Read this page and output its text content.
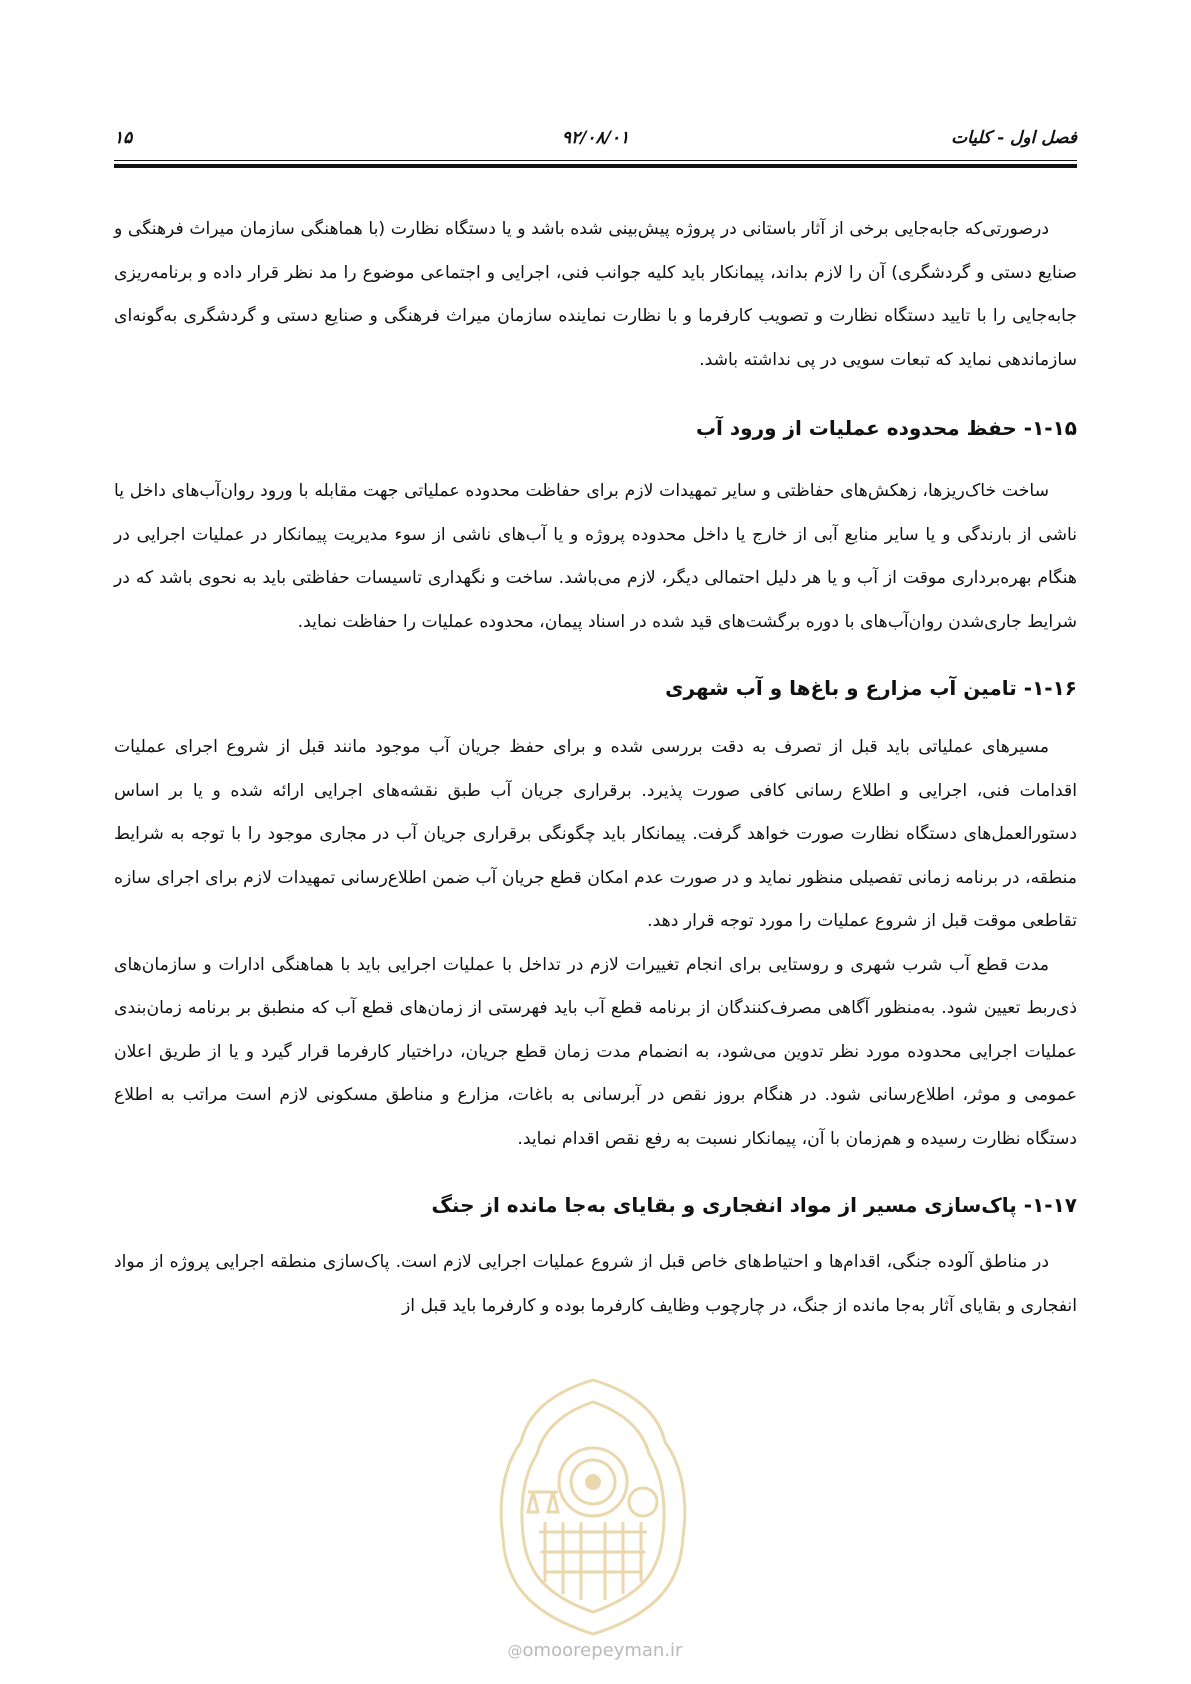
فصل اول - کلیات
۹۲/۰۸/۰۱
۱۵

درصورتی‌که جابه‌جایی برخی از آثار باستانی در پروژه پیش‌بینی شده باشد و یا دستگاه نظارت (با هماهنگی سازمان میراث فرهنگی و صنایع دستی و گردشگری) آن را لازم بداند، پیمانکار باید کلیه جوانب فنی، اجرایی و اجتماعی موضوع را مد نظر قرار داده و برنامه‌ریزی جابه‌جایی را با تایید دستگاه نظارت و تصویب کارفرما و با نظارت نماینده سازمان میراث فرهنگی و صنایع دستی و گردشگری به‌گونه‌ای سازماندهی نماید که تبعات سویی در پی نداشته باشد.

۱-۱۵- حفظ محدوده عملیات از ورود آب

ساخت خاک‌ریزها، زهکش‌های حفاظتی و سایر تمهیدات لازم برای حفاظت محدوده عملیاتی جهت مقابله با ورود روان‌آب‌های داخل یا ناشی از بارندگی و یا سایر منابع آبی از خارج یا داخل محدوده پروژه و یا آب‌های ناشی از سوء مدیریت پیمانکار در عملیات اجرایی در هنگام بهره‌برداری موقت از آب و یا هر دلیل احتمالی دیگر، لازم می‌باشد. ساخت و نگهداری تاسیسات حفاظتی باید به نحوی باشد که در شرایط جاری‌شدن روان‌آب‌های با دوره برگشت‌های قید شده در اسناد پیمان، محدوده عملیات را حفاظت نماید.

۱-۱۶- تامین آب مزارع و باغ‌ها و آب شهری

مسیرهای عملیاتی باید قبل از تصرف به دقت بررسی شده و برای حفظ جریان آب موجود مانند قبل از شروع اجرای عملیات اقدامات فنی، اجرایی و اطلاع رسانی کافی صورت پذیرد. برقراری جریان آب طبق نقشه‌های اجرایی ارائه شده و یا بر اساس دستورالعمل‌های دستگاه نظارت صورت خواهد گرفت. پیمانکار باید چگونگی برقراری جریان آب در مجاری موجود را با توجه به شرایط منطقه، در برنامه زمانی تفصیلی منظور نماید و در صورت عدم امکان قطع جریان آب ضمن اطلاع‌رسانی تمهیدات لازم برای اجرای سازه تقاطعی موقت قبل از شروع عملیات را مورد توجه قرار دهد.

مدت قطع آب شرب شهری و روستایی برای انجام تغییرات لازم در تداخل با عملیات اجرایی باید با هماهنگی ادارات و سازمان‌های ذی‌ربط تعیین شود. به‌منظور آگاهی مصرف‌کنندگان از برنامه قطع آب باید فهرستی از زمان‌های قطع آب که منطبق بر برنامه زمان‌بندی عملیات اجرایی محدوده مورد نظر تدوین می‌شود، به انضمام مدت زمان قطع جریان، دراختیار کارفرما قرار گیرد و یا از طریق اعلان عمومی و موثر، اطلاع‌رسانی شود. در هنگام بروز نقص در آبرسانی به باغات، مزارع و مناطق مسکونی لازم است مراتب به اطلاع دستگاه نظارت رسیده و هم‌زمان با آن، پیمانکار نسبت به رفع نقص اقدام نماید.

۱-۱۷- پاک‌سازی مسیر از مواد انفجاری و بقایای به‌جا مانده از جنگ

در مناطق آلوده جنگی، اقدام‌ها و احتیاط‌های خاص قبل از شروع عملیات اجرایی لازم است. پاک‌سازی منطقه اجرایی پروژه از مواد انفجاری و بقایای آثار به‌جا مانده از جنگ، در چارچوب وظایف کارفرما بوده و کارفرما باید قبل از

@omoorepeyman.ir
